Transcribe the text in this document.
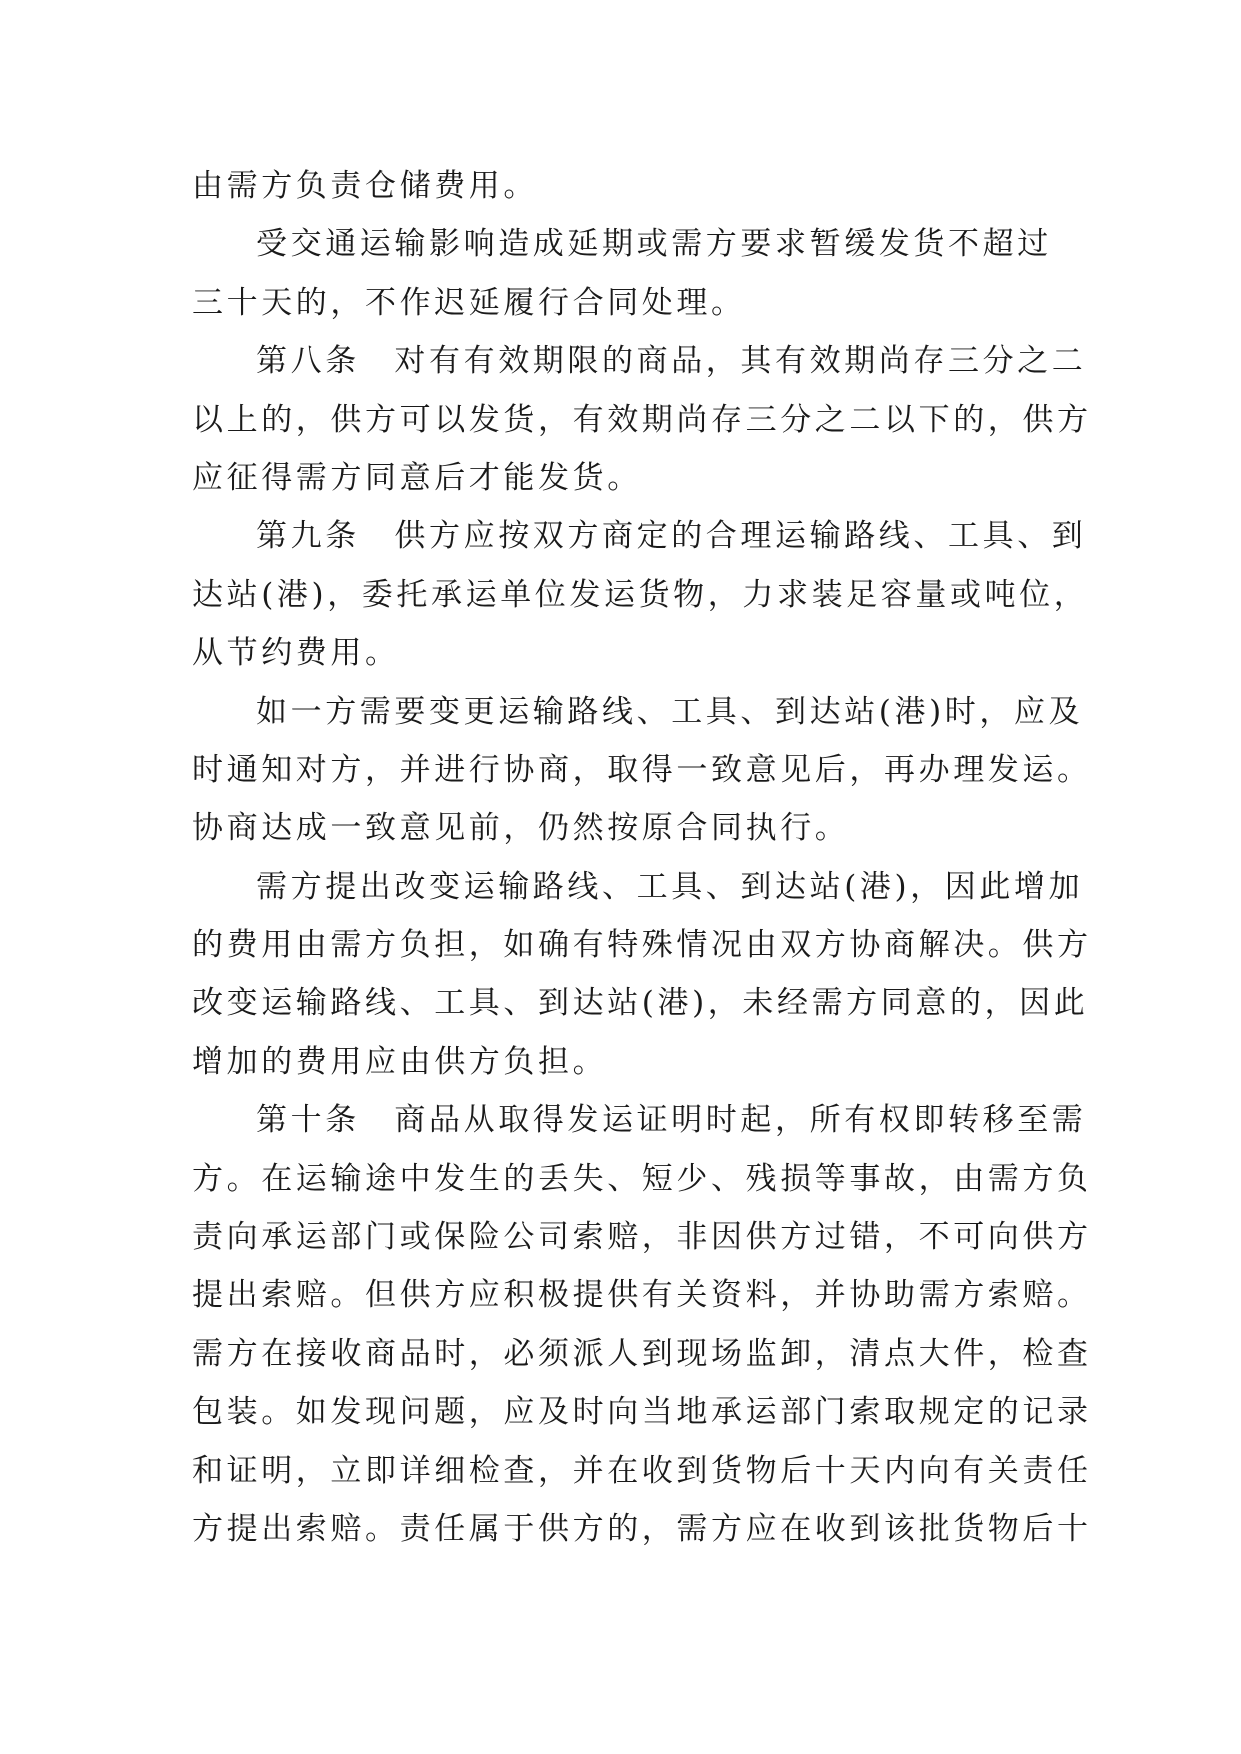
由需方负责仓储费用。
受交通运输影响造成延期或需方要求暂缓发货不超过
三十天的，不作迟延履行合同处理。
第八条　对有有效期限的商品，其有效期尚存三分之二
以上的，供方可以发货，有效期尚存三分之二以下的，供方
应征得需方同意后才能发货。
第九条　供方应按双方商定的合理运输路线、工具、到
达站(港)，委托承运单位发运货物，力求装足容量或吨位，
从节约费用。
如一方需要变更运输路线、工具、到达站(港)时，应及
时通知对方，并进行协商，取得一致意见后，再办理发运。
协商达成一致意见前，仍然按原合同执行。
需方提出改变运输路线、工具、到达站(港)，因此增加
的费用由需方负担，如确有特殊情况由双方协商解决。供方
改变运输路线、工具、到达站(港)，未经需方同意的，因此
增加的费用应由供方负担。
第十条　商品从取得发运证明时起，所有权即转移至需
方。在运输途中发生的丢失、短少、残损等事故，由需方负
责向承运部门或保险公司索赔，非因供方过错，不可向供方
提出索赔。但供方应积极提供有关资料，并协助需方索赔。
需方在接收商品时，必须派人到现场监卸，清点大件，检查
包装。如发现问题，应及时向当地承运部门索取规定的记录
和证明，立即详细检查，并在收到货物后十天内向有关责任
方提出索赔。责任属于供方的，需方应在收到该批货物后十
